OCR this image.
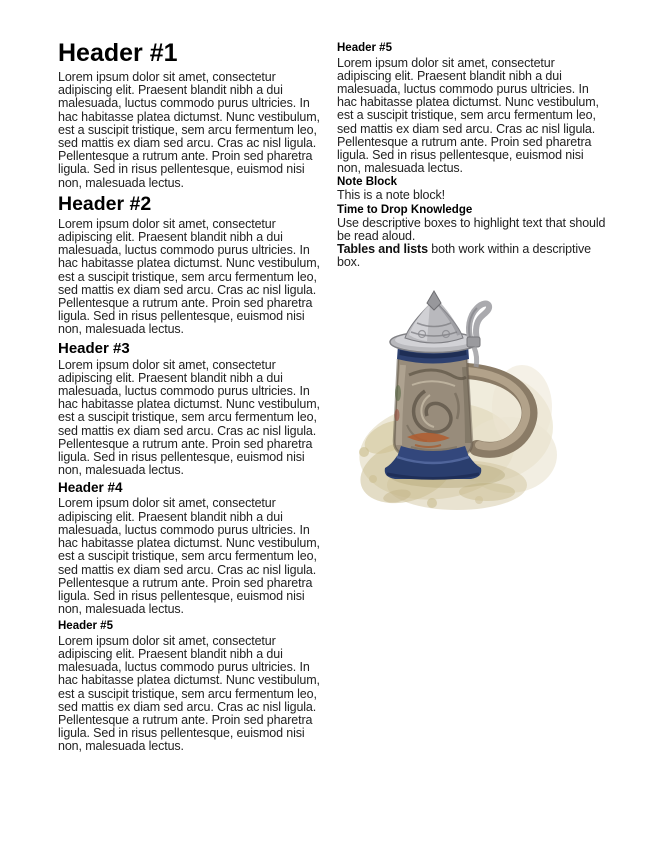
Header #1

Lorem ipsum dolor sit amet, consectetur adipiscing elit. Praesent blandit nibh a dui malesuada, luctus commodo purus ultricies. In hac habitasse platea dictumst. Nunc vestibulum, est a suscipit tristique, sem arcu fermentum leo, sed mattis ex diam sed arcu. Cras ac nisl ligula. Pellentesque a rutrum ante. Proin sed pharetra ligula. Sed in risus pellentesque, euismod nisi non, malesuada lectus.

Header #2

Lorem ipsum dolor sit amet, consectetur adipiscing elit. Praesent blandit nibh a dui malesuada, luctus commodo purus ultricies. In hac habitasse platea dictumst. Nunc vestibulum, est a suscipit tristique, sem arcu fermentum leo, sed mattis ex diam sed arcu. Cras ac nisl ligula. Pellentesque a rutrum ante. Proin sed pharetra ligula. Sed in risus pellentesque, euismod nisi non, malesuada lectus.

Header #3

Lorem ipsum dolor sit amet, consectetur adipiscing elit. Praesent blandit nibh a dui malesuada, luctus commodo purus ultricies. In hac habitasse platea dictumst. Nunc vestibulum, est a suscipit tristique, sem arcu fermentum leo, sed mattis ex diam sed arcu. Cras ac nisl ligula. Pellentesque a rutrum ante. Proin sed pharetra ligula. Sed in risus pellentesque, euismod nisi non, malesuada lectus.

Header #4

Lorem ipsum dolor sit amet, consectetur adipiscing elit. Praesent blandit nibh a dui malesuada, luctus commodo purus ultricies. In hac habitasse platea dictumst. Nunc vestibulum, est a suscipit tristique, sem arcu fermentum leo, sed mattis ex diam sed arcu. Cras ac nisl ligula. Pellentesque a rutrum ante. Proin sed pharetra ligula. Sed in risus pellentesque, euismod nisi non, malesuada lectus.

Header #5

Lorem ipsum dolor sit amet, consectetur adipiscing elit. Praesent blandit nibh a dui malesuada, luctus commodo purus ultricies. In hac habitasse platea dictumst. Nunc vestibulum, est a suscipit tristique, sem arcu fermentum leo, sed mattis ex diam sed arcu. Cras ac nisl ligula. Pellentesque a rutrum ante. Proin sed pharetra ligula. Sed in risus pellentesque, euismod nisi non, malesuada lectus.

Header #5

Lorem ipsum dolor sit amet, consectetur adipiscing elit. Praesent blandit nibh a dui malesuada, luctus commodo purus ultricies. In hac habitasse platea dictumst. Nunc vestibulum, est a suscipit tristique, sem arcu fermentum leo, sed mattis ex diam sed arcu. Cras ac nisl ligula. Pellentesque a rutrum ante. Proin sed pharetra ligula. Sed in risus pellentesque, euismod nisi non, malesuada lectus.

Note Block

This is a note block!

Time to Drop Knowledge

Use descriptive boxes to highlight text that should be read aloud.

Tables and lists both work within a descriptive box.
